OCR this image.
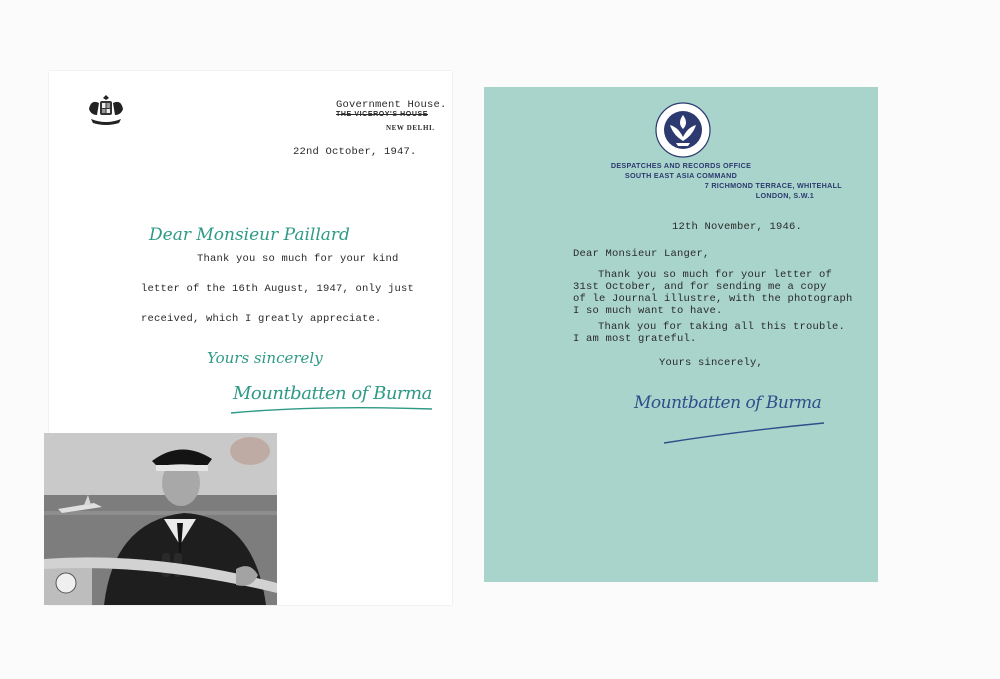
Government House.
THE VICEROY'S HOUSE
NEW DELHI.
22nd October, 1947.
Dear Monsieur Paillard
Thank you so much for your kind
letter of the 16th August, 1947, only just
received, which I greatly appreciate.
Yours sincerely
Mountbatten of Burma
DESPATCHES AND RECORDS OFFICE
SOUTH EAST ASIA COMMAND
7 RICHMOND TERRACE, WHITEHALL
LONDON, S.W.1
12th November, 1946.
Dear Monsieur Langer,
Thank you so much for your letter of
31st October, and for sending me a copy
of le Journal illustre, with the photograph
I so much want to have.
Thank you for taking all this trouble.
I am most grateful.
Yours sincerely,
Mountbatten of Burma
